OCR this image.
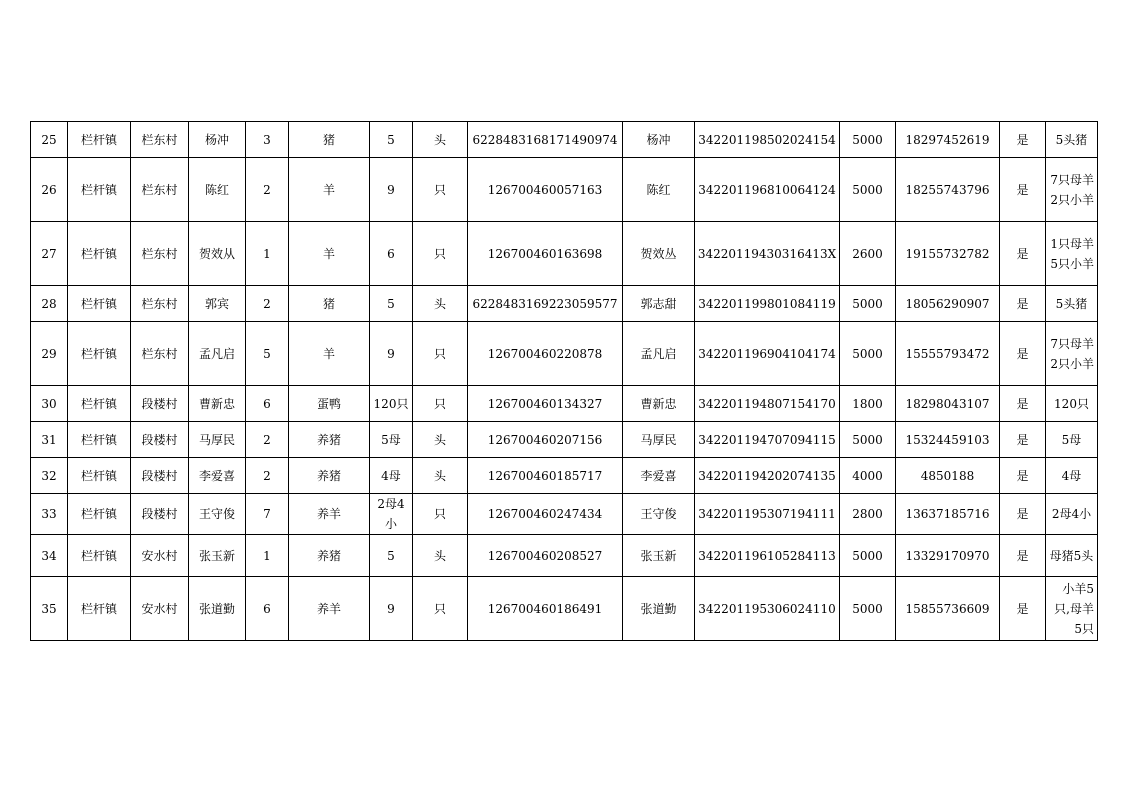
25	栏杆镇	栏东村	杨冲	3	猪	5	头	6228483168171490974	杨冲	342201198502024154	5000	18297452619	是	5头猪
26	栏杆镇	栏东村	陈红	2	羊	9	只	126700460057163	陈红	342201196810064124	5000	18255743796	是	7只母羊2只小羊
27	栏杆镇	栏东村	贺效从	1	羊	6	只	126700460163698	贺效丛	34220119430316413X	2600	19155732782	是	1只母羊5只小羊
28	栏杆镇	栏东村	郭宾	2	猪	5	头	6228483169223059577	郭志甜	342201199801084119	5000	18056290907	是	5头猪
29	栏杆镇	栏东村	孟凡启	5	羊	9	只	126700460220878	孟凡启	342201196904104174	5000	15555793472	是	7只母羊2只小羊
30	栏杆镇	段楼村	曹新忠	6	蛋鸭	120只	只	126700460134327	曹新忠	342201194807154170	1800	18298043107	是	120只
31	栏杆镇	段楼村	马厚民	2	养猪	5母	头	126700460207156	马厚民	342201194707094115	5000	15324459103	是	5母
32	栏杆镇	段楼村	李爱喜	2	养猪	4母	头	126700460185717	李爱喜	342201194202074135	4000	4850188	是	4母
33	栏杆镇	段楼村	王守俊	7	养羊	2母4小	只	126700460247434	王守俊	342201195307194111	2800	13637185716	是	2母4小
34	栏杆镇	安水村	张玉新	1	养猪	5	头	126700460208527	张玉新	342201196105284113	5000	13329170970	是	母猪5头
35	栏杆镇	安水村	张道勤	6	养羊	9	只	126700460186491	张道勤	342201195306024110	5000	15855736609	是	小羊5只,母羊5只
